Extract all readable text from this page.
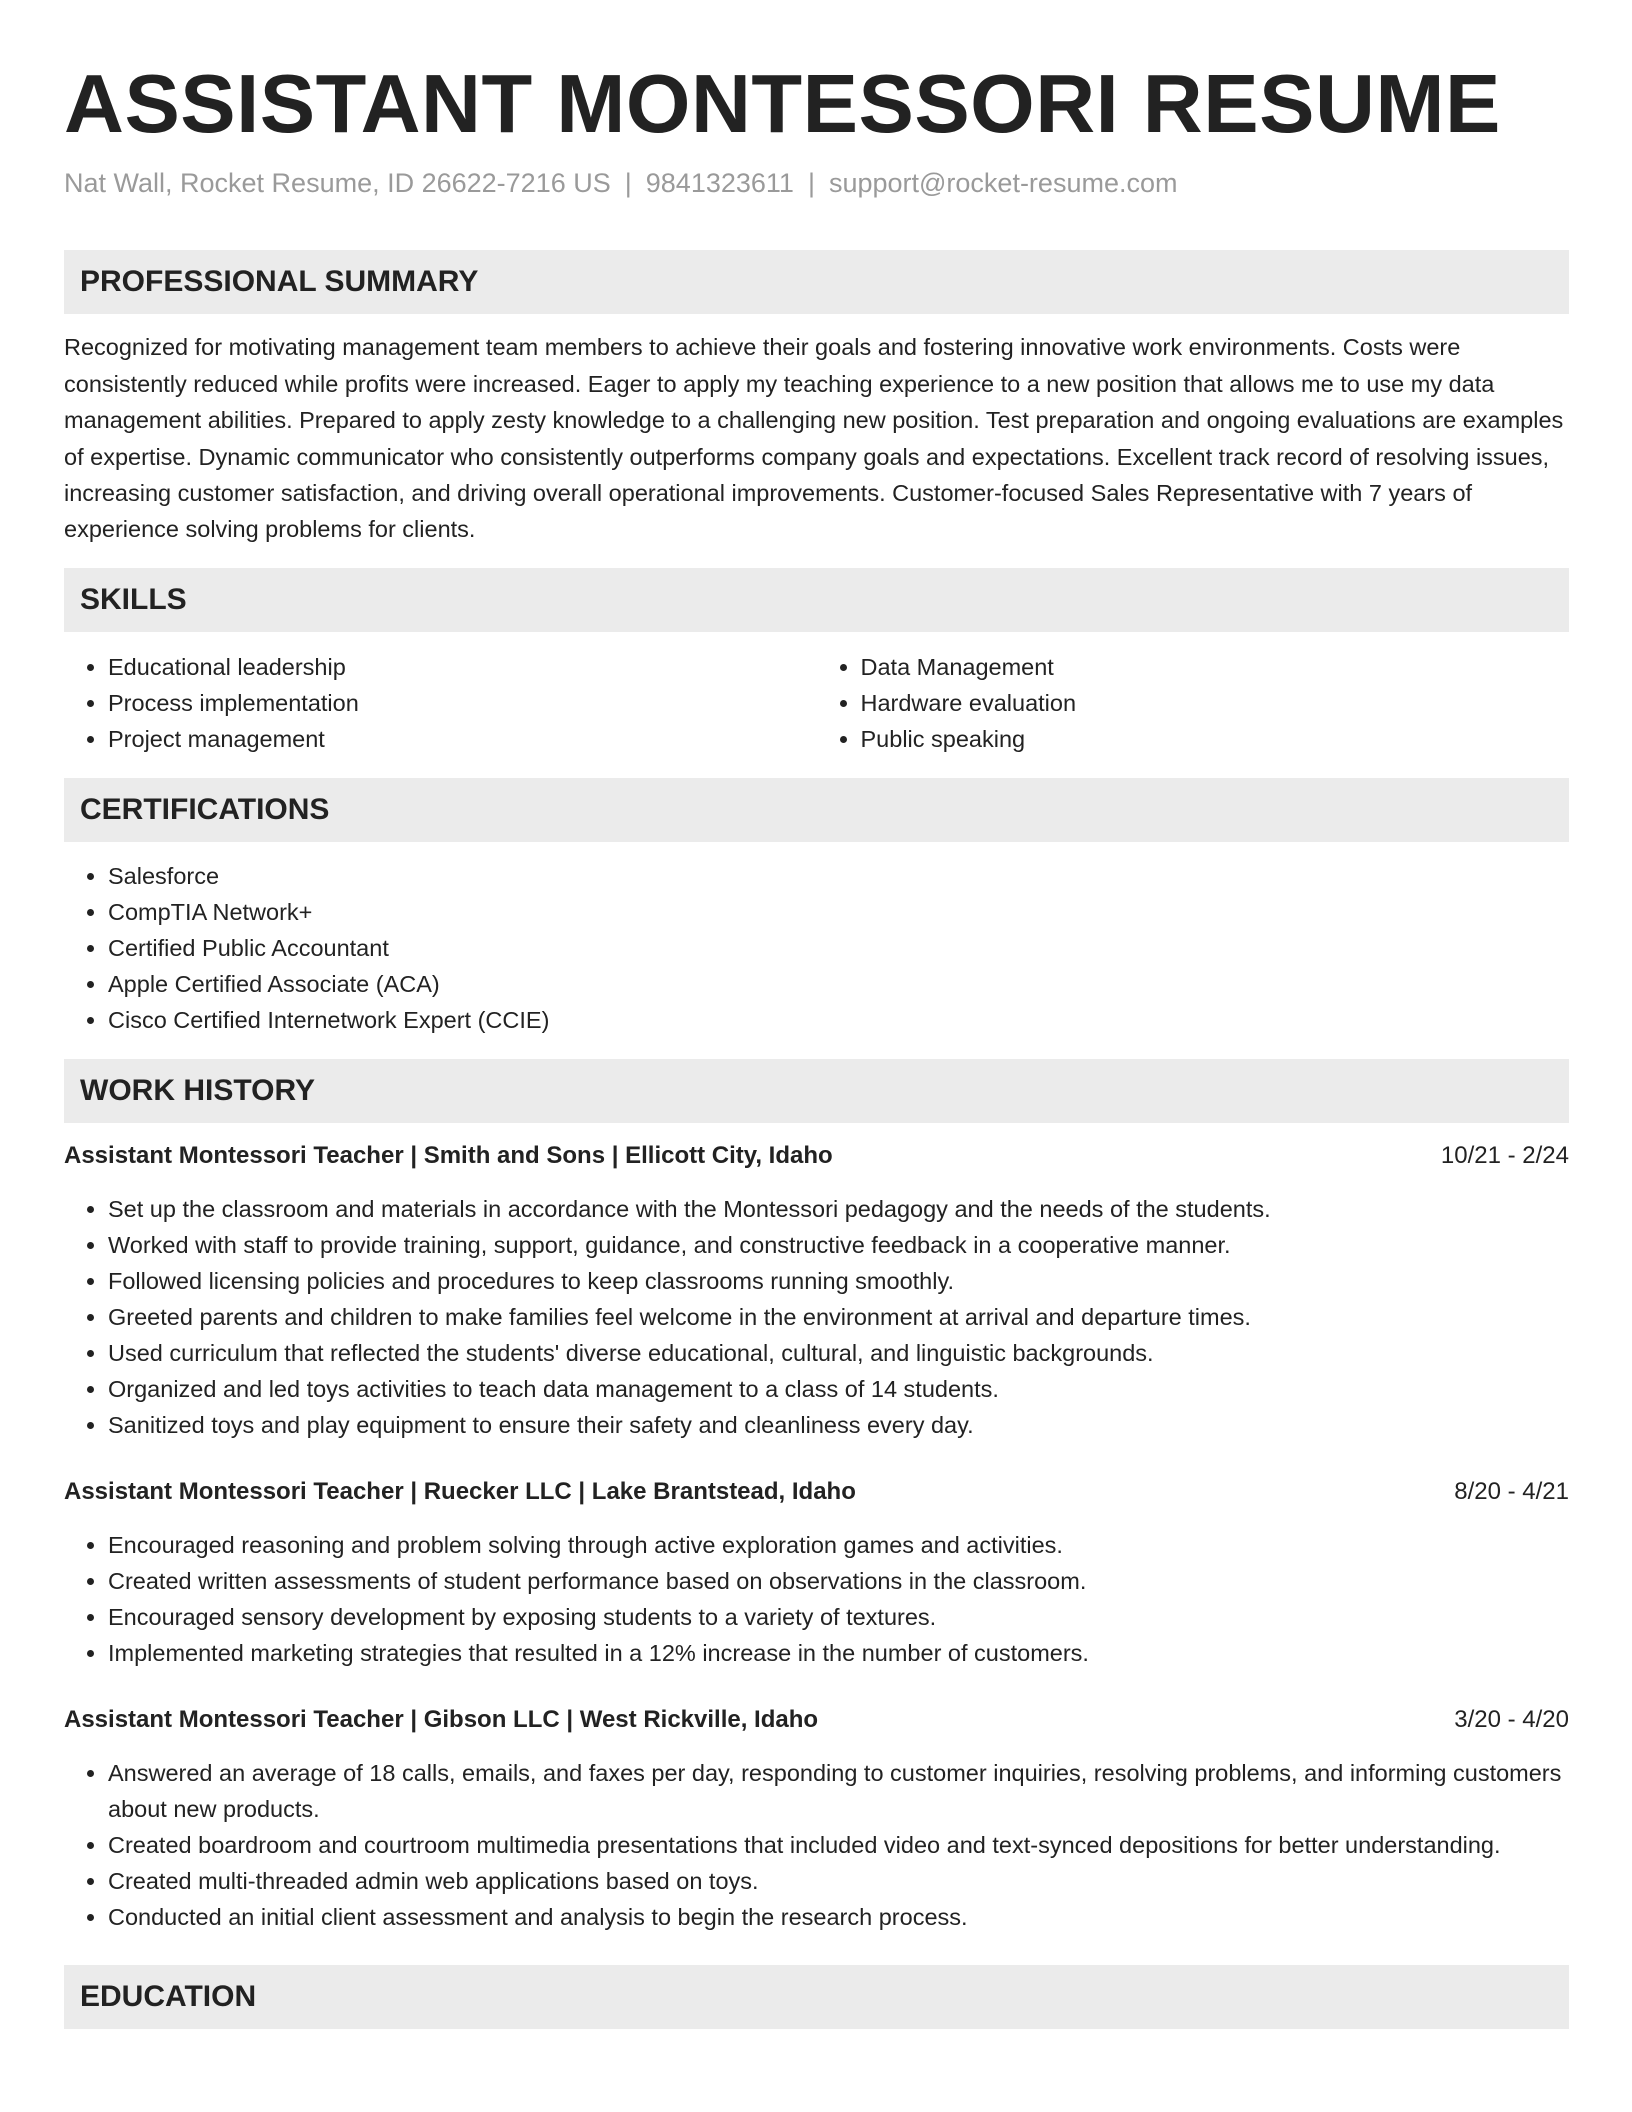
ASSISTANT MONTESSORI RESUME
Nat Wall, Rocket Resume, ID 26622-7216 US | 9841323611 | support@rocket-resume.com
PROFESSIONAL SUMMARY

Recognized for motivating management team members to achieve their goals and fostering innovative work environments. Costs were consistently reduced while profits were increased. Eager to apply my teaching experience to a new position that allows me to use my data management abilities. Prepared to apply zesty knowledge to a challenging new position. Test preparation and ongoing evaluations are examples of expertise. Dynamic communicator who consistently outperforms company goals and expectations. Excellent track record of resolving issues, increasing customer satisfaction, and driving overall operational improvements. Customer-focused Sales Representative with 7 years of experience solving problems for clients.

SKILLS
• Educational leadership
• Process implementation
• Project management
• Data Management
• Hardware evaluation
• Public speaking
CERTIFICATIONS
• Salesforce
• CompTIA Network+
• Certified Public Accountant
• Apple Certified Associate (ACA)
• Cisco Certified Internetwork Expert (CCIE)
WORK HISTORY
Assistant Montessori Teacher | Smith and Sons | Ellicott City, Idaho	10/21 - 2/24
• Set up the classroom and materials in accordance with the Montessori pedagogy and the needs of the students.
• Worked with staff to provide training, support, guidance, and constructive feedback in a cooperative manner.
• Followed licensing policies and procedures to keep classrooms running smoothly.
• Greeted parents and children to make families feel welcome in the environment at arrival and departure times.
• Used curriculum that reflected the students' diverse educational, cultural, and linguistic backgrounds.
• Organized and led toys activities to teach data management to a class of 14 students.
• Sanitized toys and play equipment to ensure their safety and cleanliness every day.
Assistant Montessori Teacher | Ruecker LLC | Lake Brantstead, Idaho	8/20 - 4/21
• Encouraged reasoning and problem solving through active exploration games and activities.
• Created written assessments of student performance based on observations in the classroom.
• Encouraged sensory development by exposing students to a variety of textures.
• Implemented marketing strategies that resulted in a 12% increase in the number of customers.
Assistant Montessori Teacher | Gibson LLC | West Rickville, Idaho	3/20 - 4/20
• Answered an average of 18 calls, emails, and faxes per day, responding to customer inquiries, resolving problems, and informing customers about new products.
• Created boardroom and courtroom multimedia presentations that included video and text-synced depositions for better understanding.
• Created multi-threaded admin web applications based on toys.
• Conducted an initial client assessment and analysis to begin the research process.
EDUCATION
